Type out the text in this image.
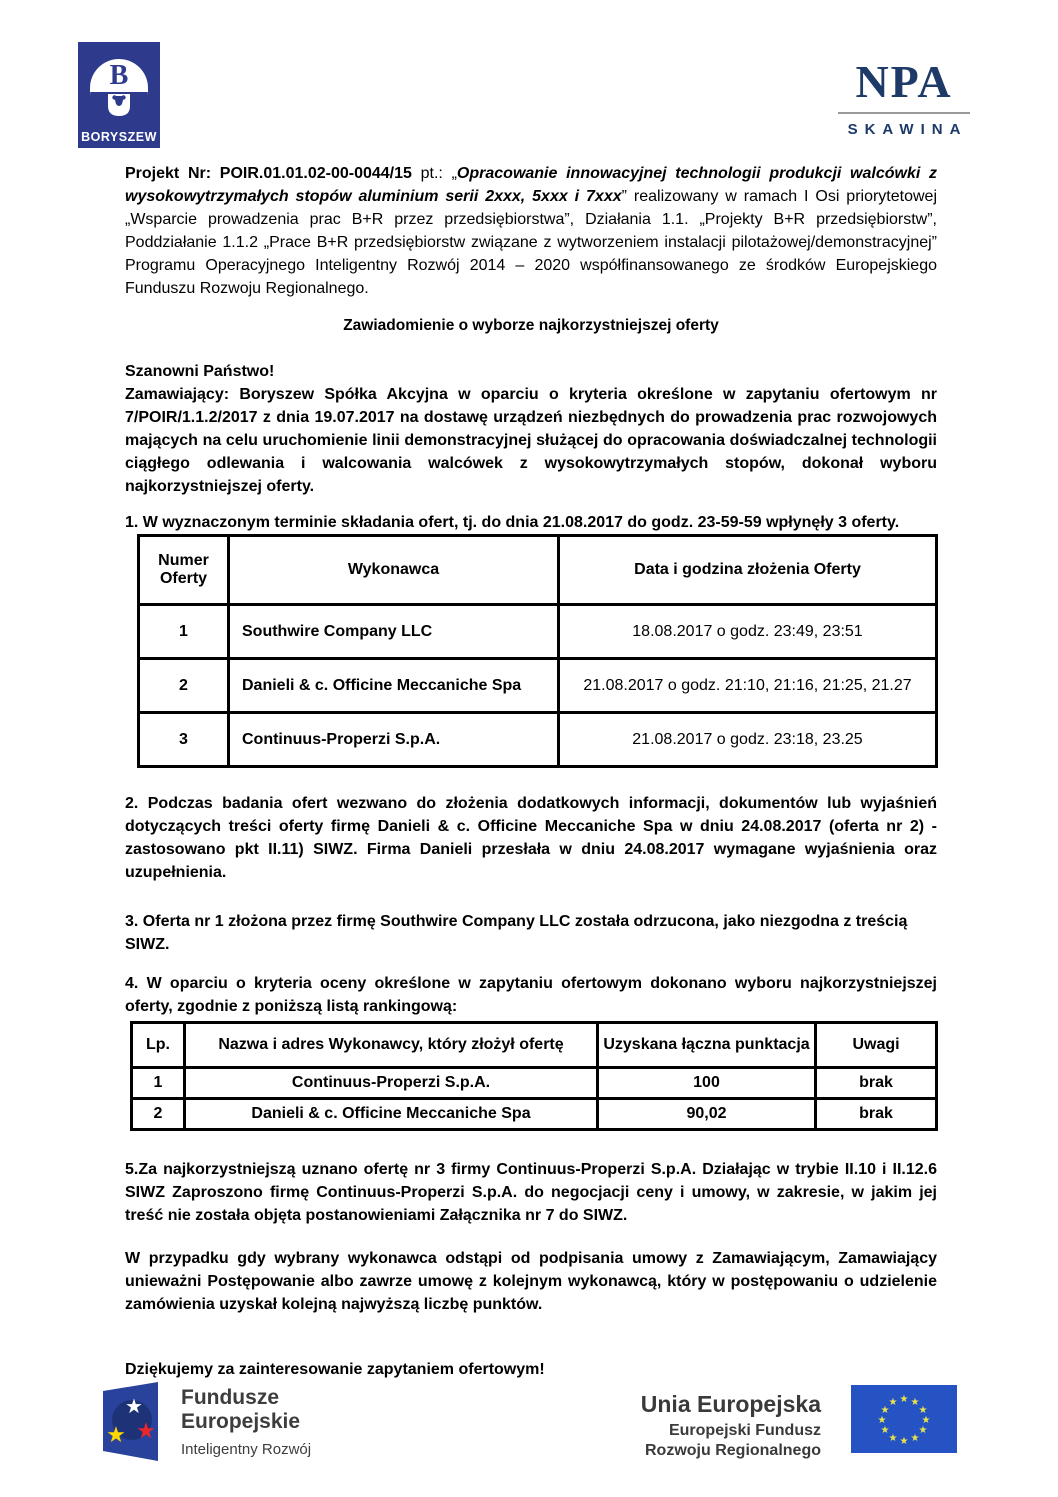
B
BORYSZEW
NPA
SKAWINA

Projekt Nr: POIR.01.01.02-00-0044/15 pt.: „Opracowanie innowacyjnej technologii produkcji walcówki z wysokowytrzymałych stopów aluminium serii 2xxx, 5xxx i 7xxx” realizowany w ramach I Osi priorytetowej „Wsparcie prowadzenia prac B+R przez przedsiębiorstwa”, Działania 1.1. „Projekty B+R przedsiębiorstw”, Poddziałanie 1.1.2 „Prace B+R przedsiębiorstw związane z wytworzeniem instalacji pilotażowej/demonstracyjnej” Programu Operacyjnego Inteligentny Rozwój 2014 – 2020 współfinansowanego ze środków Europejskiego Funduszu Rozwoju Regionalnego.

Zawiadomienie o wyborze najkorzystniejszej oferty

Szanowni Państwo!

Zamawiający: Boryszew Spółka Akcyjna w oparciu o kryteria określone w zapytaniu ofertowym nr 7/POIR/1.1.2/2017 z dnia 19.07.2017 na dostawę urządzeń niezbędnych do prowadzenia prac rozwojowych mających na celu uruchomienie linii demonstracyjnej służącej do opracowania doświadczalnej technologii ciągłego odlewania i walcowania walcówek z wysokowytrzymałych stopów, dokonał wyboru najkorzystniejszej oferty.

1. W wyznaczonym terminie składania ofert, tj. do dnia 21.08.2017 do godz. 23-59-59 wpłynęły 3 oferty.

Numer Oferty	Wykonawca	Data i godzina złożenia Oferty
1	Southwire Company LLC	18.08.2017 o godz. 23:49, 23:51
2	Danieli & c. Officine Meccaniche Spa	21.08.2017 o godz. 21:10, 21:16, 21:25, 21.27
3	Continuus-Properzi S.p.A.	21.08.2017 o godz. 23:18, 23.25

2. Podczas badania ofert wezwano do złożenia dodatkowych informacji, dokumentów lub wyjaśnień dotyczących treści oferty firmę Danieli & c. Officine Meccaniche Spa w dniu 24.08.2017 (oferta nr 2) - zastosowano pkt II.11) SIWZ. Firma Danieli przesłała w dniu 24.08.2017 wymagane wyjaśnienia oraz uzupełnienia.

3. Oferta nr 1 złożona przez firmę Southwire Company LLC została odrzucona, jako niezgodna z treścią SIWZ.

4. W oparciu o kryteria oceny określone w zapytaniu ofertowym dokonano wyboru najkorzystniejszej oferty, zgodnie z poniższą listą rankingową:

Lp.	Nazwa i adres Wykonawcy, który złożył ofertę	Uzyskana łączna punktacja	Uwagi
1	Continuus-Properzi S.p.A.	100	brak
2	Danieli & c. Officine Meccaniche Spa	90,02	brak

5.Za najkorzystniejszą uznano ofertę nr 3 firmy Continuus-Properzi S.p.A. Działając w trybie II.10 i II.12.6 SIWZ Zaproszono firmę Continuus-Properzi S.p.A. do negocjacji ceny i umowy, w zakresie, w jakim jej treść nie została objęta postanowieniami Załącznika nr 7 do SIWZ.

W przypadku gdy wybrany wykonawca odstąpi od podpisania umowy z Zamawiającym, Zamawiający unieważni Postępowanie albo zawrze umowę z kolejnym wykonawcą, który w postępowaniu o udzielenie zamówienia uzyskał kolejną najwyższą liczbę punktów.

Dziękujemy za zainteresowanie zapytaniem ofertowym!

★
★ ★
Fundusze
Europejskie
Inteligentny Rozwój
Unia Europejska
Europejski Fundusz
Rozwoju Regionalnego
★ ★
★
★
★
★
★
★
★
★
★
★
